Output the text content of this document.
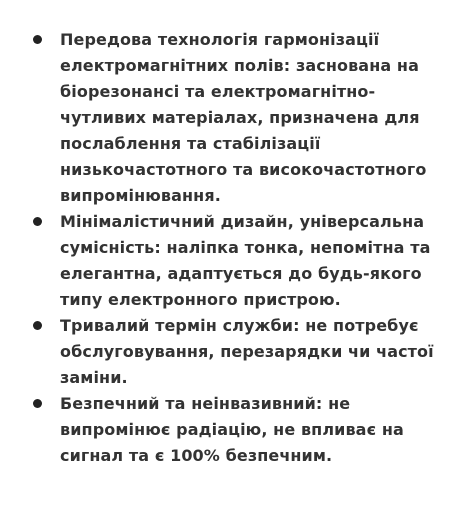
Передова технологія гармонізації електромагнітних полів: заснована на біорезонансі та електромагнітно-чутливих матеріалах, призначена для послаблення та стабілізації низькочастотного та високочастотного випромінювання.
Мінімалістичний дизайн, універсальна сумісність: наліпка тонка, непомітна та елегантна, адаптується до будь-якого типу електронного пристрою.
Тривалий термін служби: не потребує обслуговування, перезарядки чи частої заміни.
Безпечний та неінвазивний: не випромінює радіацію, не впливає на сигнал та є 100% безпечним.
